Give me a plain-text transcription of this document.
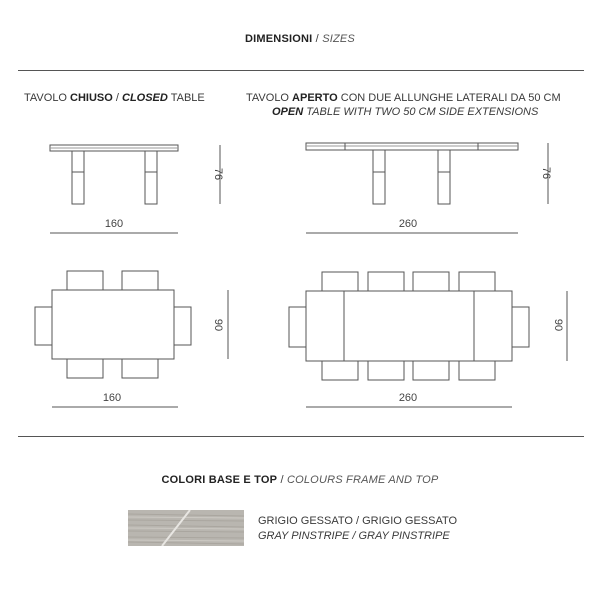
DIMENSIONI / SIZES
TAVOLO CHIUSO / CLOSED TABLE	TAVOLO APERTO CON DUE ALLUNGHE LATERALI DA 50 CM
OPEN TABLE WITH TWO 50 CM SIDE EXTENSIONS
76
160
76
260
90
160
90
260
COLORI BASE E TOP / COLOURS FRAME AND TOP
GRIGIO GESSATO / GRIGIO GESSATO
GRAY PINSTRIPE / GRAY PINSTRIPE
